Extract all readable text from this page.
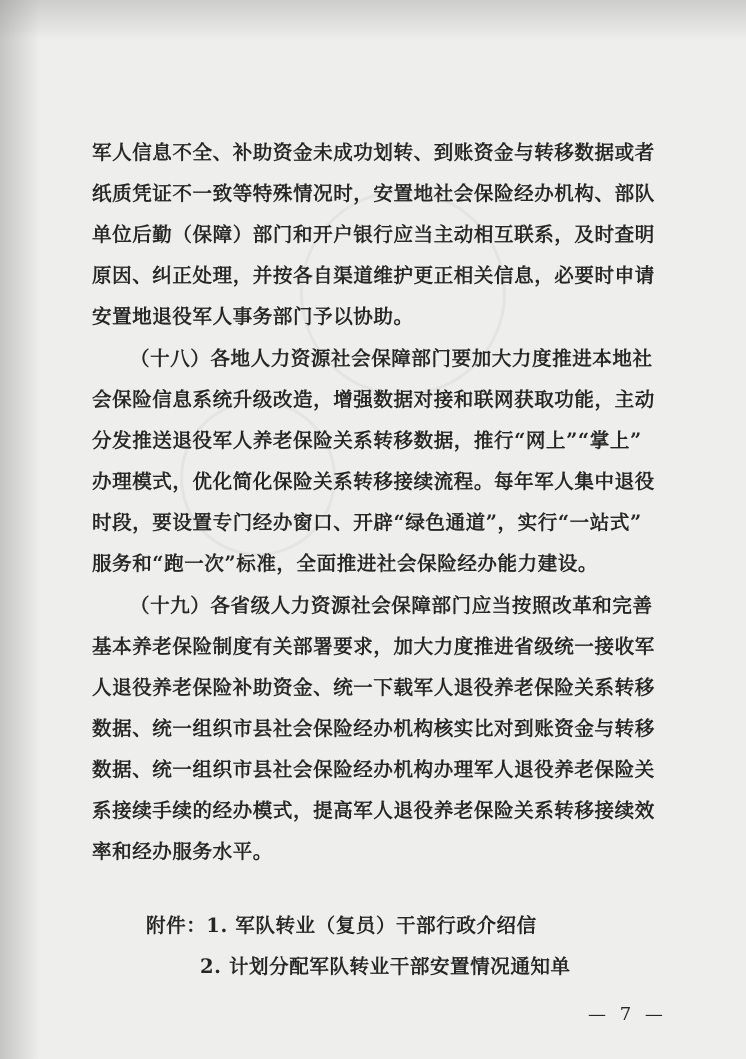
军人信息不全、补助资金未成功划转、到账资金与转移数据或者
纸质凭证不一致等特殊情况时，安置地社会保险经办机构、部队
单位后勤（保障）部门和开户银行应当主动相互联系，及时查明
原因、纠正处理，并按各自渠道维护更正相关信息，必要时申请
安置地退役军人事务部门予以协助。
（十八）各地人力资源社会保障部门要加大力度推进本地社
会保险信息系统升级改造，增强数据对接和联网获取功能，主动
分发推送退役军人养老保险关系转移数据，推行“网上”“掌上”
办理模式，优化简化保险关系转移接续流程。每年军人集中退役
时段，要设置专门经办窗口、开辟“绿色通道”，实行“一站式”
服务和“跑一次”标准，全面推进社会保险经办能力建设。
（十九）各省级人力资源社会保障部门应当按照改革和完善
基本养老保险制度有关部署要求，加大力度推进省级统一接收军
人退役养老保险补助资金、统一下载军人退役养老保险关系转移
数据、统一组织市县社会保险经办机构核实比对到账资金与转移
数据、统一组织市县社会保险经办机构办理军人退役养老保险关
系接续手续的经办模式，提高军人退役养老保险关系转移接续效
率和经办服务水平。
附件：1. 军队转业（复员）干部行政介绍信
2. 计划分配军队转业干部安置情况通知单
— 7 —
